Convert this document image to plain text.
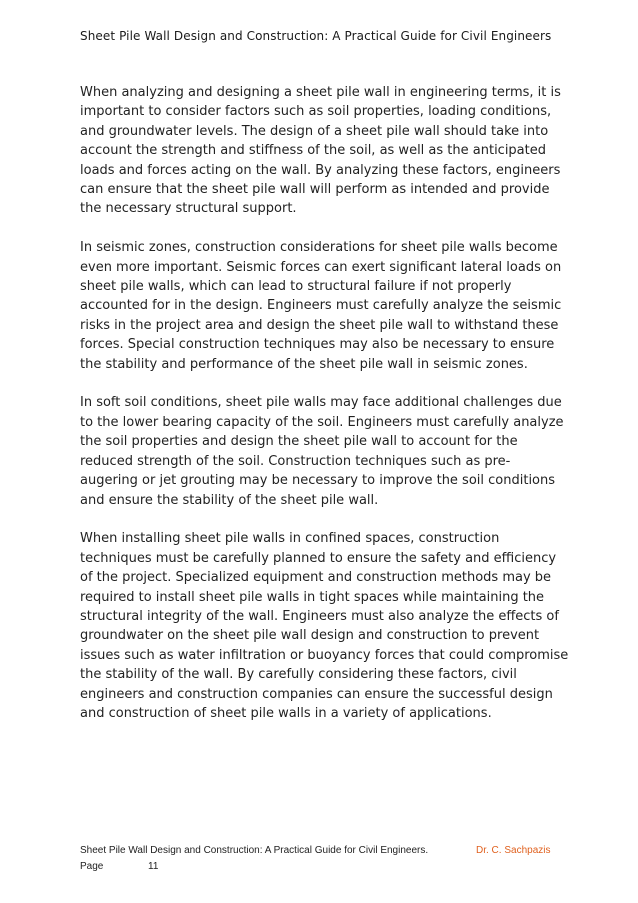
Sheet Pile Wall Design and Construction: A Practical Guide for Civil Engineers

When analyzing and designing a sheet pile wall in engineering terms, it is
important to consider factors such as soil properties, loading conditions,
and groundwater levels. The design of a sheet pile wall should take into
account the strength and stiffness of the soil, as well as the anticipated
loads and forces acting on the wall. By analyzing these factors, engineers
can ensure that the sheet pile wall will perform as intended and provide
the necessary structural support.

In seismic zones, construction considerations for sheet pile walls become
even more important. Seismic forces can exert significant lateral loads on
sheet pile walls, which can lead to structural failure if not properly
accounted for in the design. Engineers must carefully analyze the seismic
risks in the project area and design the sheet pile wall to withstand these
forces. Special construction techniques may also be necessary to ensure
the stability and performance of the sheet pile wall in seismic zones.

In soft soil conditions, sheet pile walls may face additional challenges due
to the lower bearing capacity of the soil. Engineers must carefully analyze
the soil properties and design the sheet pile wall to account for the
reduced strength of the soil. Construction techniques such as pre-
augering or jet grouting may be necessary to improve the soil conditions
and ensure the stability of the sheet pile wall.

When installing sheet pile walls in confined spaces, construction
techniques must be carefully planned to ensure the safety and efficiency
of the project. Specialized equipment and construction methods may be
required to install sheet pile walls in tight spaces while maintaining the
structural integrity of the wall. Engineers must also analyze the effects of
groundwater on the sheet pile wall design and construction to prevent
issues such as water infiltration or buoyancy forces that could compromise
the stability of the wall. By carefully considering these factors, civil
engineers and construction companies can ensure the successful design
and construction of sheet pile walls in a variety of applications.

Sheet Pile Wall Design and Construction: A Practical Guide for Civil Engineers.	Dr. C. Sachpazis
Page	11
